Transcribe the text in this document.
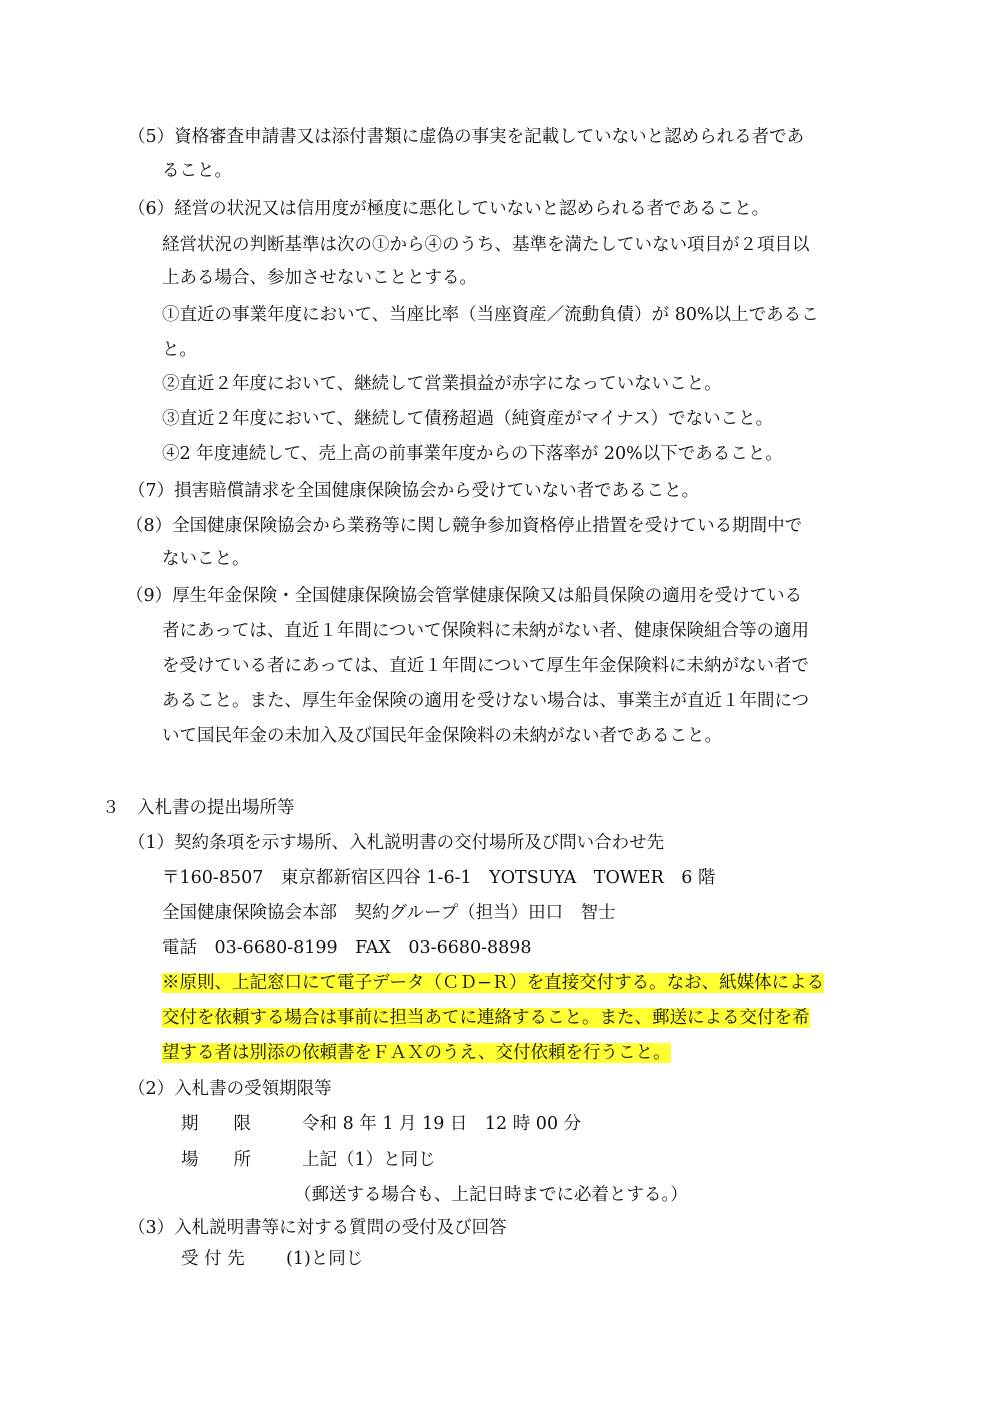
（5）資格審査申請書又は添付書類に虚偽の事実を記載していないと認められる者であ
ること。
（6）経営の状況又は信用度が極度に悪化していないと認められる者であること。
経営状況の判断基準は次の①から④のうち、基準を満たしていない項目が２項目以
上ある場合、参加させないこととする。
①直近の事業年度において、当座比率（当座資産／流動負債）が 80%以上であるこ
と。
②直近２年度において、継続して営業損益が赤字になっていないこと。
③直近２年度において、継続して債務超過（純資産がマイナス）でないこと。
④2 年度連続して、売上高の前事業年度からの下落率が 20%以下であること。
（7）損害賠償請求を全国健康保険協会から受けていない者であること。
（8）全国健康保険協会から業務等に関し競争参加資格停止措置を受けている期間中で
ないこと。
（9）厚生年金保険・全国健康保険協会管掌健康保険又は船員保険の適用を受けている
者にあっては、直近１年間について保険料に未納がない者、健康保険組合等の適用
を受けている者にあっては、直近１年間について厚生年金保険料に未納がない者で
あること。また、厚生年金保険の適用を受けない場合は、事業主が直近１年間につ
いて国民年金の未加入及び国民年金保険料の未納がない者であること。
３　入札書の提出場所等
（1）契約条項を示す場所、入札説明書の交付場所及び問い合わせ先
〒160-8507　東京都新宿区四谷 1-6-1　YOTSUYA　TOWER　6 階
全国健康保険協会本部　契約グループ（担当）田口　智士
電話　03-6680-8199　FAX　03-6680-8898
※原則、上記窓口にて電子データ（ＣＤ−Ｒ）を直接交付する。なお、紙媒体による
交付を依頼する場合は事前に担当あてに連絡すること。また、郵送による交付を希
望する者は別添の依頼書をＦＡＸのうえ、交付依頼を行うこと。
（2）入札書の受領期限等
期　　限	令和 8 年 1 月 19 日　12 時 00 分
場　　所	上記（1）と同じ
（郵送する場合も、上記日時までに必着とする。）
（3）入札説明書等に対する質問の受付及び回答
受 付 先 (1)と同じ
